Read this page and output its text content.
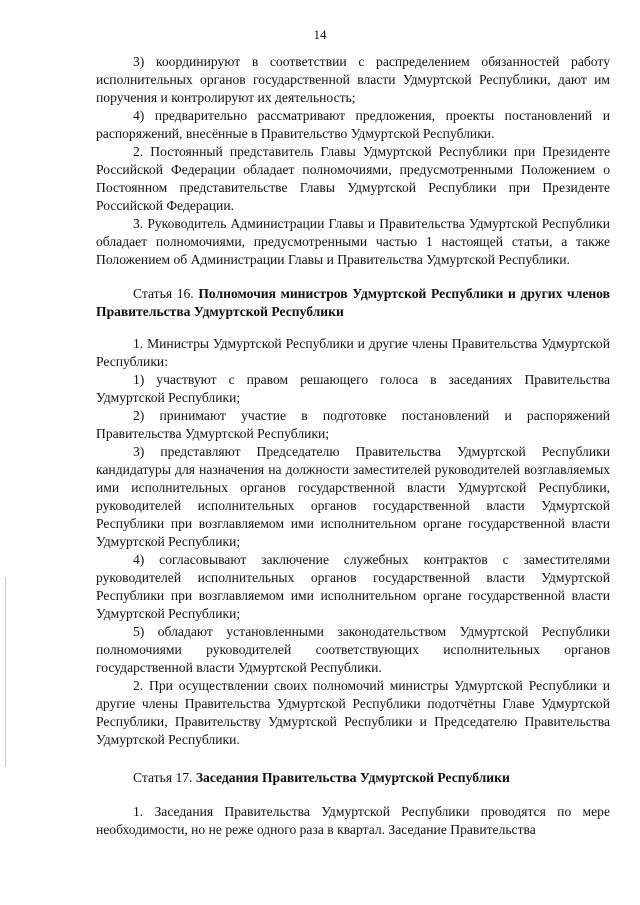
14

3) координируют в соответствии с распределением обязанностей работу исполнительных органов государственной власти Удмуртской Республики, дают им поручения и контролируют их деятельность;

4) предварительно рассматривают предложения, проекты постановлений и распоряжений, внесённые в Правительство Удмуртской Республики.

2. Постоянный представитель Главы Удмуртской Республики при Президенте Российской Федерации обладает полномочиями, предусмотренными Положением о Постоянном представительстве Главы Удмуртской Республики при Президенте Российской Федерации.

3. Руководитель Администрации Главы и Правительства Удмуртской Республики обладает полномочиями, предусмотренными частью 1 настоящей статьи, а также Положением об Администрации Главы и Правительства Удмуртской Республики.

Статья 16. Полномочия министров Удмуртской Республики и других членов Правительства Удмуртской Республики

1. Министры Удмуртской Республики и другие члены Правительства Удмуртской Республики:

1) участвуют с правом решающего голоса в заседаниях Правительства Удмуртской Республики;

2) принимают участие в подготовке постановлений и распоряжений Правительства Удмуртской Республики;

3) представляют Председателю Правительства Удмуртской Республики кандидатуры для назначения на должности заместителей руководителей возглавляемых ими исполнительных органов государственной власти Удмуртской Республики, руководителей исполнительных органов государственной власти Удмуртской Республики при возглавляемом ими исполнительном органе государственной власти Удмуртской Республики;

4) согласовывают заключение служебных контрактов с заместителями руководителей исполнительных органов государственной власти Удмуртской Республики при возглавляемом ими исполнительном органе государственной власти Удмуртской Республики;

5) обладают установленными законодательством Удмуртской Республики полномочиями руководителей соответствующих исполнительных органов государственной власти Удмуртской Республики.

2. При осуществлении своих полномочий министры Удмуртской Республики и другие члены Правительства Удмуртской Республики подотчётны Главе Удмуртской Республики, Правительству Удмуртской Республики и Председателю Правительства Удмуртской Республики.

Статья 17. Заседания Правительства Удмуртской Республики

1. Заседания Правительства Удмуртской Республики проводятся по мере необходимости, но не реже одного раза в квартал. Заседание Правительства
